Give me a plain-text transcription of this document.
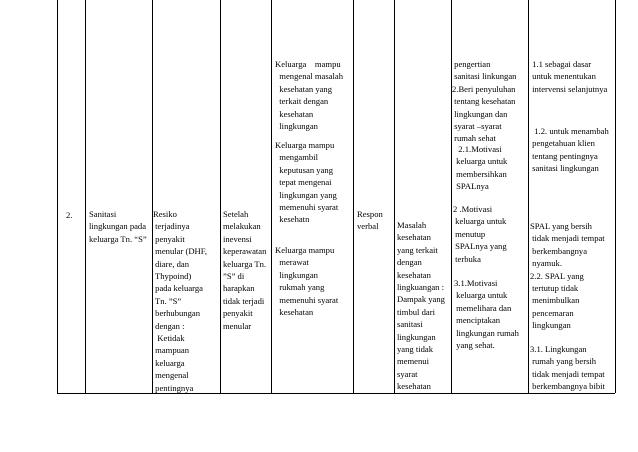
2. Sanitasi
lingkungan pada
keluarga Tn. “S”
Resiko
terjadinya
penyakit
menular (DHF,
diare, dan
Thypoind)
pada keluarga
Tn. ”S”
berhubungan
dengan :
Ketidak
mampuan
keluarga
mengenal
pentingnya
Setelah
melakukan
inevensi
keperawatan
keluarga Tn.
”S” di
harapkan
tidak terjadi
penyakit
menular
Keluarga    mampu
mengenal masalah
kesehatan yang
terkait dengan
kesehatan
lingkungan
Keluarga mampu
mengambil
keputusan yang
tepat mengenai
lingkungan yang
memenuhi syarat
kesehatn
Keluarga mampu
merawat
lingkungan
rukmah yang
memenuhi syarat
kesehatan
Respon
verbal	Masalah
kesehatan
yang terkait
dengan
kesehatan
lingkuangan :
Dampak yang
timbul dari
sanitasi
lingkungan
yang tidak
memenui
syarat
kesehatan
pengertian
sanitasi linkungan
2.Beri penyuluhan
tentang kesehatan
lingkungan dan
syarat –syarat
rumah sehat
2.1.Motivasi
keluarga untuk
membersihkan
SPALnya
2 .Motivasi
keluarga untuk
menutup
SPALnya yang
terbuka
3.1.Motivasi
keluarga untuk
memelihara dan
menciptakan
lingkungan rumah
yang sehat.
1.1 sebagai dasar
untuk menentukan
intervensi selanjutnya
1.2. untuk menambah
pengetahuan klien
tentang pentingnya
sanitasi lingkungan
SPAL yang bersih
tidak menjadi tempat
berkembangnya
nyamuk.
2.2. SPAL yang
tertutup tidak
menimbulkan
pencemaran
lingkungan
3.1. Lingkungan
rumah yang bersih
tidak menjadi tempat
berkembangnya bibit
